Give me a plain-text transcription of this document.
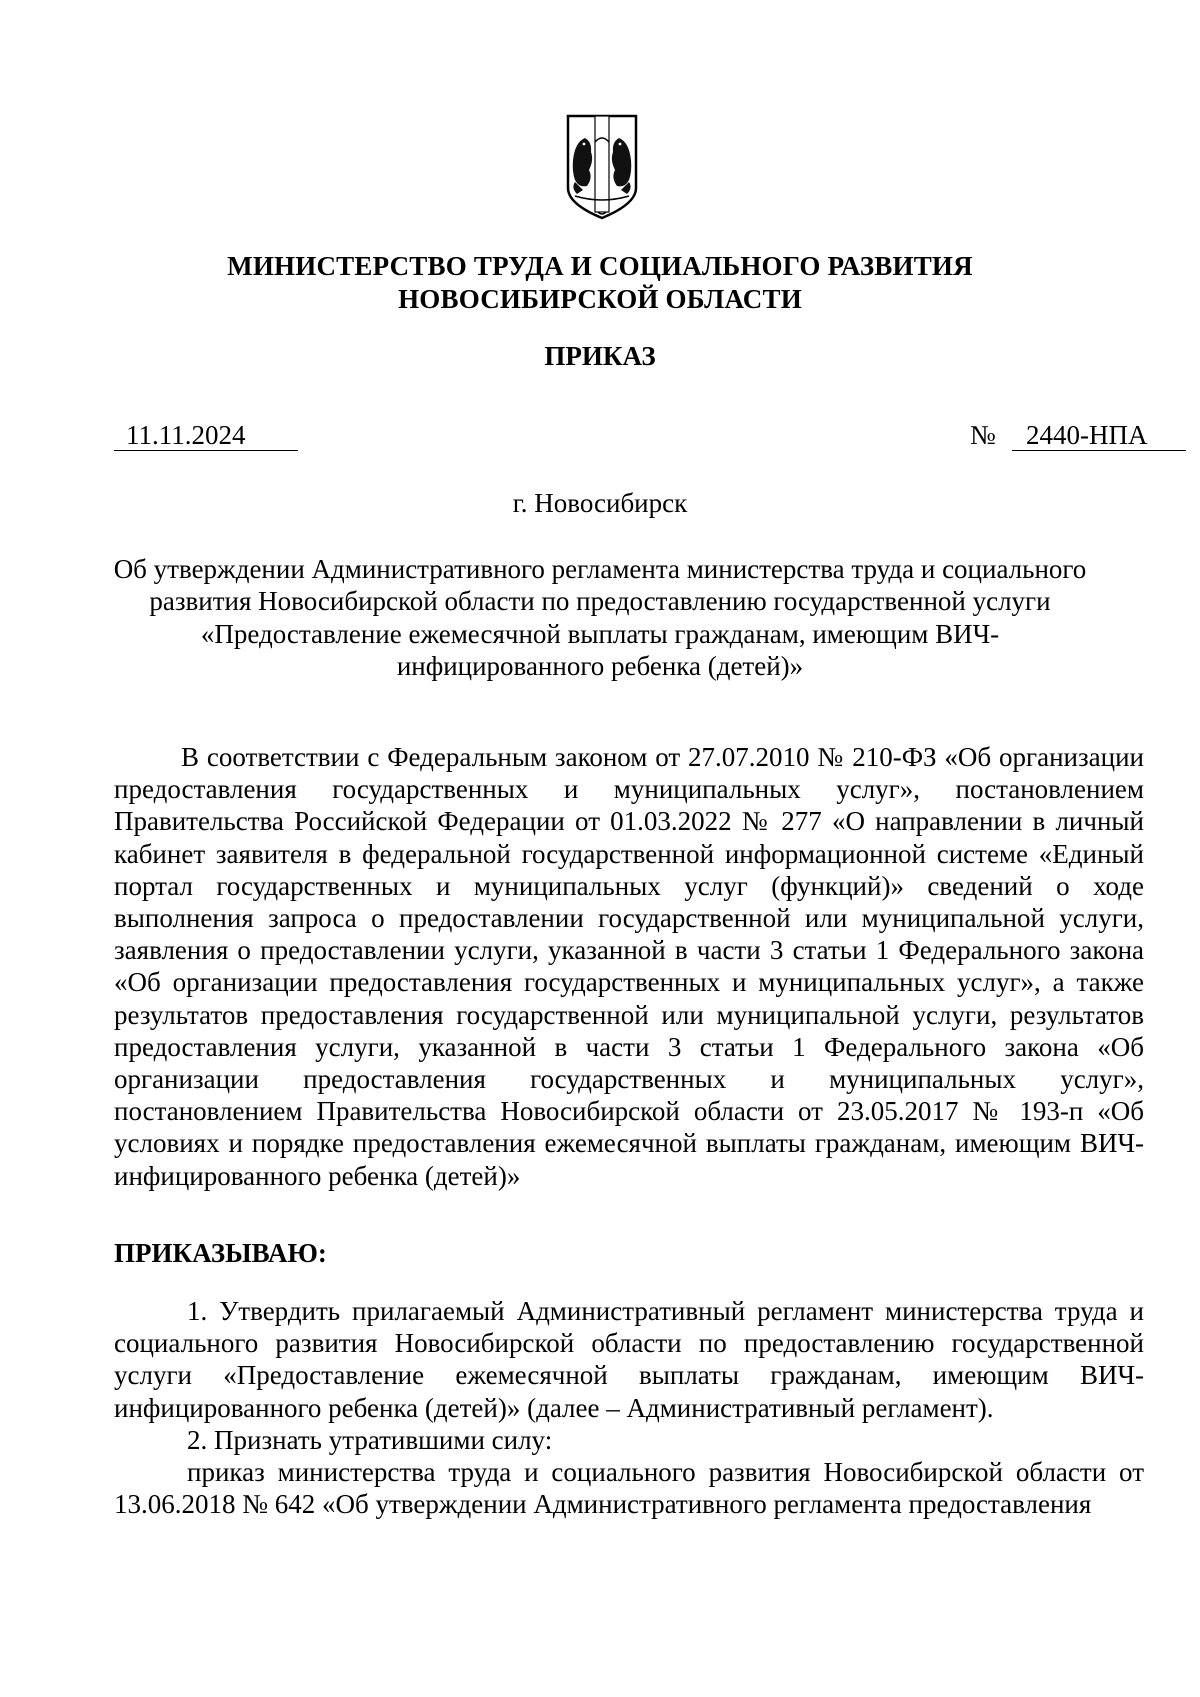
МИНИСТЕРСТВО ТРУДА И СОЦИАЛЬНОГО РАЗВИТИЯ
НОВОСИБИРСКОЙ ОБЛАСТИ
ПРИКАЗ
11.11.2024	№	2440-НПА
г. Новосибирск
Об утверждении Административного регламента министерства труда и социального развития Новосибирской области по предоставлению государственной услуги «Предоставление ежемесячной выплаты гражданам, имеющим ВИЧ-инфицированного ребенка (детей)»
В соответствии с Федеральным законом от 27.07.2010 № 210-ФЗ «Об организации предоставления государственных и муниципальных услуг», постановлением Правительства Российской Федерации от 01.03.2022 № 277 «О направлении в личный кабинет заявителя в федеральной государственной информационной системе «Единый портал государственных и муниципальных услуг (функций)» сведений о ходе выполнения запроса о предоставлении государственной или муниципальной услуги, заявления о предоставлении услуги, указанной в части 3 статьи 1 Федерального закона «Об организации предоставления государственных и муниципальных услуг», а также результатов предоставления государственной или муниципальной услуги, результатов предоставления услуги, указанной в части 3 статьи 1 Федерального закона «Об организации предоставления государственных и муниципальных услуг», постановлением Правительства Новосибирской области от 23.05.2017 № 193-п «Об условиях и порядке предоставления ежемесячной выплаты гражданам, имеющим ВИЧ-инфицированного ребенка (детей)»
ПРИКАЗЫВАЮ:

1. Утвердить прилагаемый Административный регламент министерства труда и социального развития Новосибирской области по предоставлению государственной услуги «Предоставление ежемесячной выплаты гражданам, имеющим ВИЧ-инфицированного ребенка (детей)» (далее – Административный регламент).

2. Признать утратившими силу:

приказ министерства труда и социального развития Новосибирской области от 13.06.2018 № 642 «Об утверждении Административного регламента предоставления
